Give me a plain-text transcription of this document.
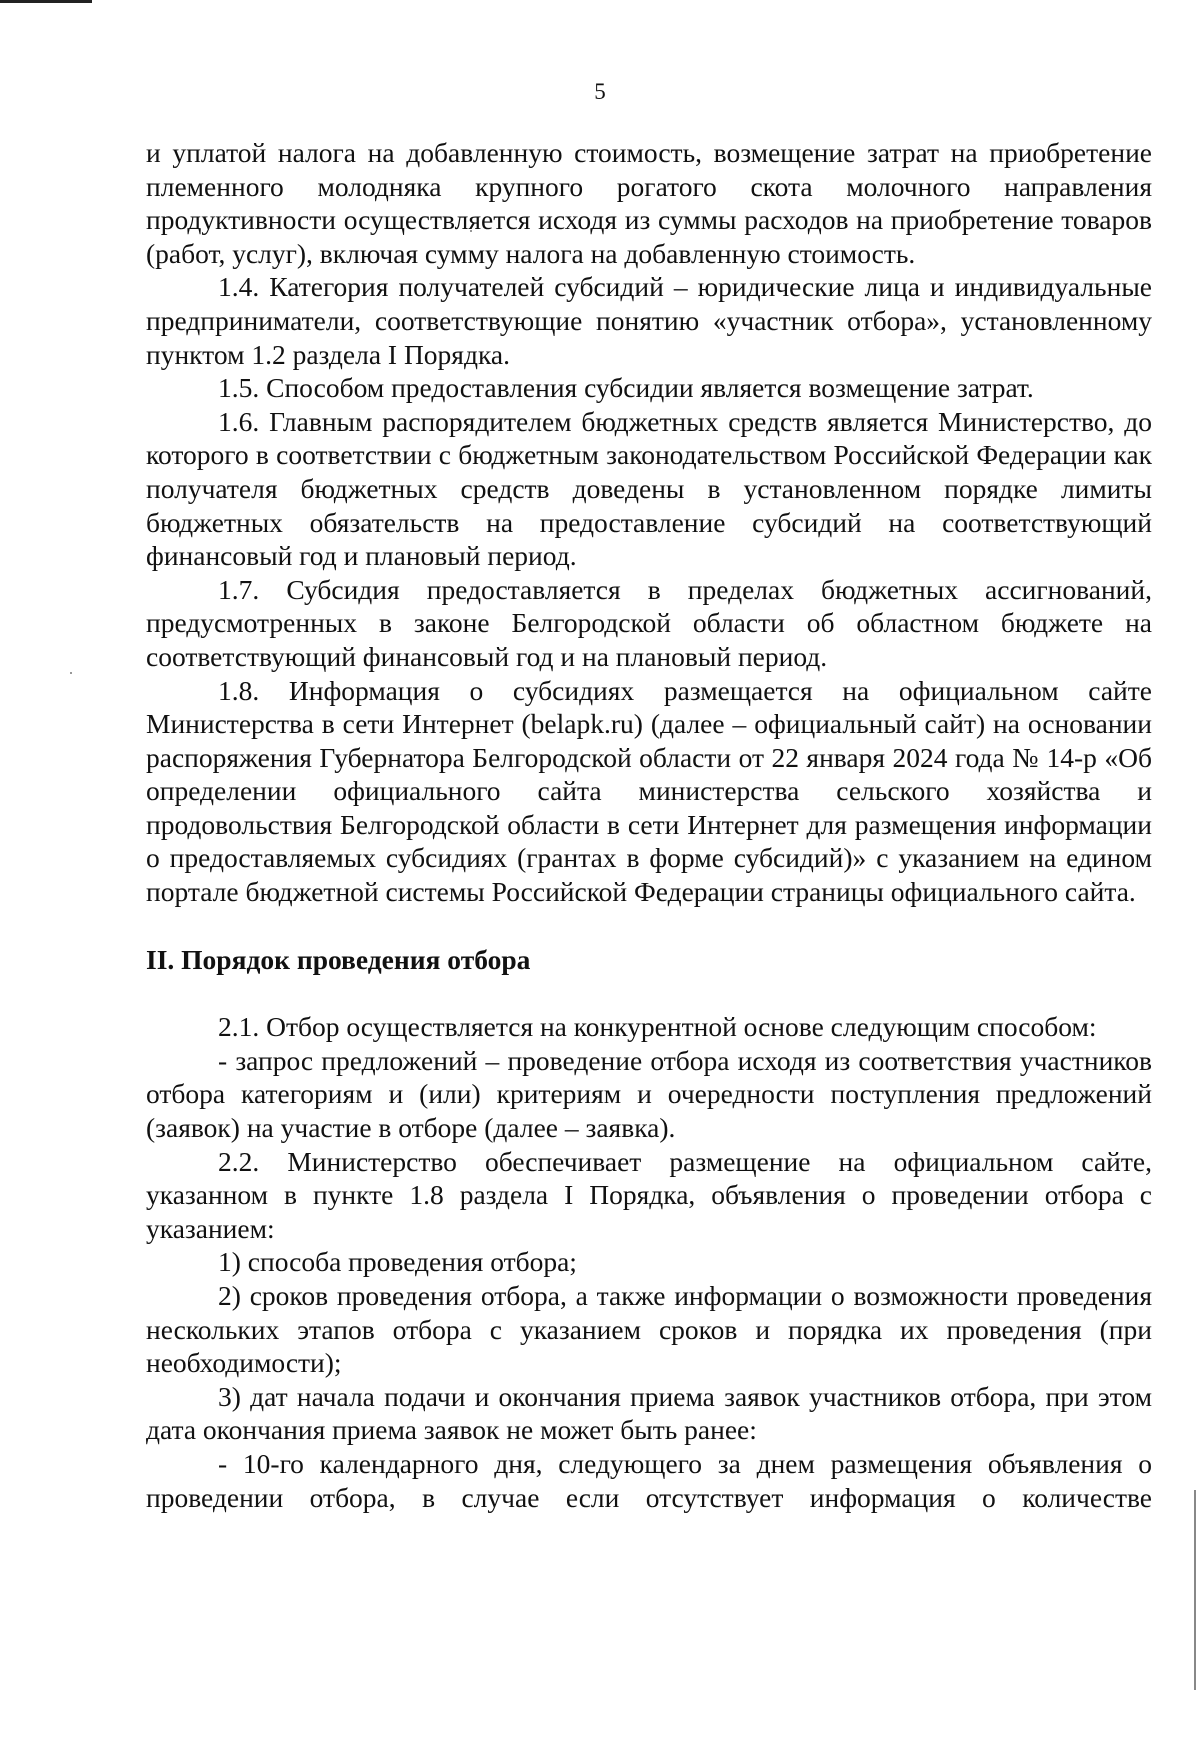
5

и уплатой налога на добавленную стоимость, возмещение затрат на приобретение племенного молодняка крупного рогатого скота молочного направления продуктивности осуществляется исходя из суммы расходов на приобретение товаров (работ, услуг), включая сумму налога на добавленную стоимость.

1.4. Категория получателей субсидий – юридические лица и индивидуальные предприниматели, соответствующие понятию «участник отбора», установленному пунктом 1.2 раздела I Порядка.

1.5. Способом предоставления субсидии является возмещение затрат.

1.6. Главным распорядителем бюджетных средств является Министерство, до которого в соответствии с бюджетным законодательством Российской Федерации как получателя бюджетных средств доведены в установленном порядке лимиты бюджетных обязательств на предоставление субсидий на соответствующий финансовый год и плановый период.

1.7. Субсидия предоставляется в пределах бюджетных ассигнований, предусмотренных в законе Белгородской области об областном бюджете на соответствующий финансовый год и на плановый период.

1.8. Информация о субсидиях размещается на официальном сайте Министерства в сети Интернет (belapk.ru) (далее – официальный сайт) на основании распоряжения Губернатора Белгородской области от 22 января 2024 года № 14-р «Об определении официального сайта министерства сельского хозяйства и продовольствия Белгородской области в сети Интернет для размещения информации о предоставляемых субсидиях (грантах в форме субсидий)» с указанием на едином портале бюджетной системы Российской Федерации страницы официального сайта.

II. Порядок проведения отбора

2.1. Отбор осуществляется на конкурентной основе следующим способом:

- запрос предложений – проведение отбора исходя из соответствия участников отбора категориям и (или) критериям и очередности поступления предложений (заявок) на участие в отборе (далее – заявка).

2.2. Министерство обеспечивает размещение на официальном сайте, указанном в пункте 1.8 раздела I Порядка, объявления о проведении отбора с указанием:

1) способа проведения отбора;

2) сроков проведения отбора, а также информации о возможности проведения нескольких этапов отбора с указанием сроков и порядка их проведения (при необходимости);

3) дат начала подачи и окончания приема заявок участников отбора, при этом дата окончания приема заявок не может быть ранее:

- 10-го календарного дня, следующего за днем размещения объявления о проведении отбора, в случае если отсутствует информация о количестве
